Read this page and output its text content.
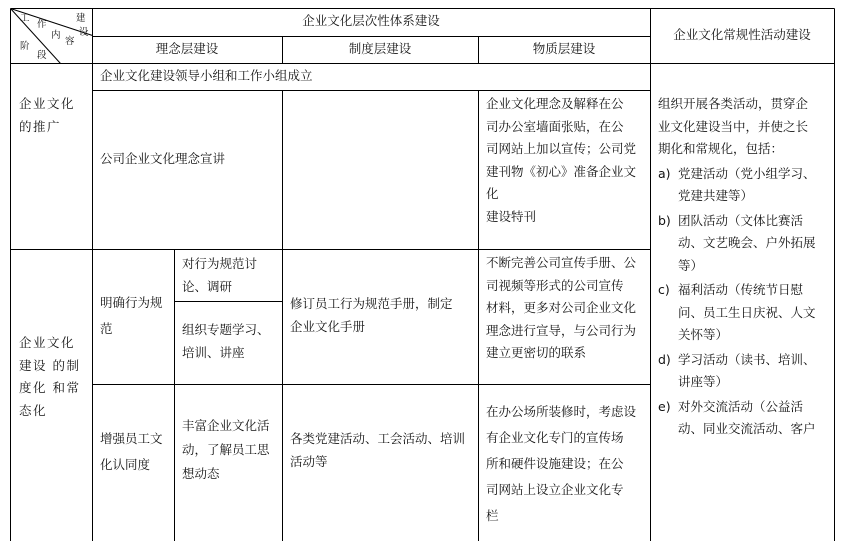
工
作
内
容
建
设
阶
段
企业文化层次性体系建设
企业文化常规性活动建设
理念层建设	制度层建设	物质层建设
企业文化
的推广
企业文化建设领导小组和工作小组成立
公司企业文化理念宣讲
企业文化理念及解释在公
司办公室墙面张贴，在公
司网站上加以宣传；公司党
建刊物《初心》准备企业文
化
建设特刊
企业文化
建设 的制
度化 和常
态化
明确行为规
范
对行为规范讨
论、调研
组织专题学习、
培训、讲座
修订员工行为规范手册，制定
企业文化手册
不断完善公司宣传手册、公
司视频等形式的公司宣传
材料，更多对公司企业文化
理念进行宣导，与公司行为
建立更密切的联系
增强员工文
化认同度
丰富企业文化活
动，了解员工思
想动态
各类党建活动、工会活动、培训
活动等
在办公场所装修时，考虑设
有企业文化专门的宣传场
所和硬件设施建设；在公
司网站上设立企业文化专
栏
组织开展各类活动，贯穿企
业文化建设当中，并使之长
期化和常规化，包括：
a) 党建活动（党小组学习、
党建共建等）
b) 团队活动（文体比赛活
动、文艺晚会、户外拓展
等）
c) 福利活动（传统节日慰
问、员工生日庆祝、人文
关怀等）
d) 学习活动（读书、培训、
讲座等）
e) 对外交流活动（公益活
动、同业交流活动、客户
